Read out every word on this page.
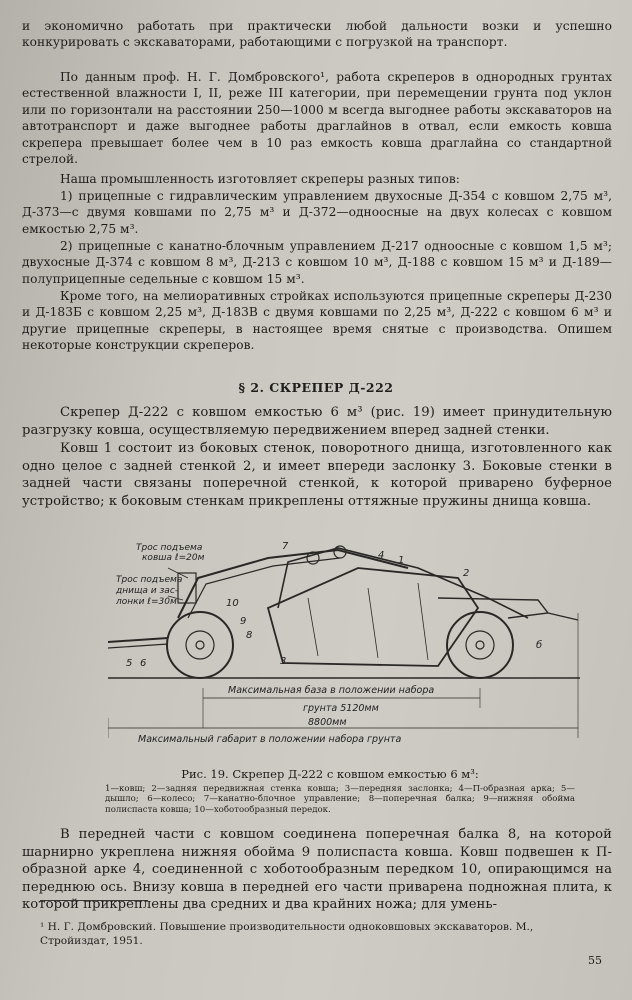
и экономично работать при практически любой дальности возки и успешно конкурировать с экскаваторами, работающими с погрузкой на транспорт.
По данным проф. Н. Г. Домбровского¹, работа скреперов в однородных грунтах естественной влажности I, II, реже III категории, при перемещении грунта под уклон или по горизонтали на расстоянии 250—1000 м всегда выгоднее работы экскаваторов на автотранспорт и даже выгоднее работы драглайнов в отвал, если емкость ковша скрепера превышает более чем в 10 раз емкость ковша драглайна со стандартной стрелой.
Наша промышленность изготовляет скреперы разных типов:
1) прицепные с гидравлическим управлением двухосные Д-354 с ковшом 2,75 м³, Д-373—с двумя ковшами по 2,75 м³ и Д-372—одноосные на двух колесах с ковшом емкостью 2,75 м³.
2) прицепные с канатно-блочным управлением Д-217 одноосные с ковшом 1,5 м³; двухосные Д-374 с ковшом 8 м³, Д-213 с ковшом 10 м³, Д-188 с ковшом 15 м³ и Д-189—полуприцепные седельные с ковшом 15 м³.
Кроме того, на мелиоративных стройках используются прицепные скреперы Д-230 и Д-183Б с ковшом 2,25 м³, Д-183В с двумя ковшами по 2,25 м³, Д-222 с ковшом 6 м³ и другие прицепные скреперы, в настоящее время снятые с производства. Опишем некоторые конструкции скреперов.
§ 2. СКРЕПЕР Д-222
Скрепер Д-222 с ковшом емкостью 6 м³ (рис. 19) имеет принудительную разгрузку ковша, осуществляемую передвижением вперед задней стенки.
Ковш 1 состоит из боковых стенок, поворотного днища, изготовленного как одно целое с задней стенкой 2, и имеет впереди заслонку 3. Боковые стенки в задней части связаны поперечной стенкой, к которой приварено буферное устройство; к боковым стенкам прикреплены оттяжные пружины днища ковша.
Трос подъема
ковша ℓ=20м
Трос подъема
днища и зас-
лонки ℓ=30м
7
4 1
2
10
9
8
3
5 6
б
Максимальная база в положении набора
грунта 5120мм
8800мм
Максимальный габарит в положении набора грунта
Рис. 19. Скрепер Д-222 с ковшом емкостью 6 м³:
1—ковш; 2—задняя передвижная стенка ковша; 3—передняя заслонка; 4—П-образная арка; 5—дышло; 6—колесо; 7—канатно-блочное управление; 8—поперечная балка; 9—нижняя обойма полиспаста ковша; 10—хоботообразный передок.
В передней части с ковшом соединена поперечная балка 8, на которой шарнирно укреплена нижняя обойма 9 полиспаста ковша. Ковш подвешен к П-образной арке 4, соединенной с хоботообразным передком 10, опирающимся на переднюю ось. Внизу ковша в передней его части приварена подножная плита, к которой прикреплены два средних и два крайних ножа; для умень-
¹ Н. Г. Домбровский. Повышение производительности одноковшовых экскаваторов. М., Стройиздат, 1951.
55
